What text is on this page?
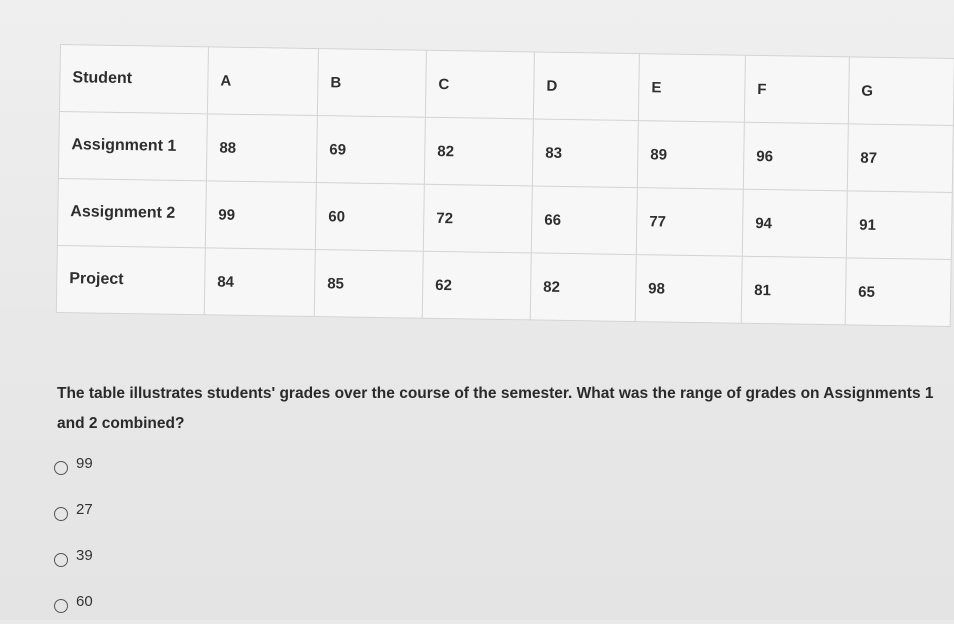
Student	A	B	C	D	E	F	G
Assignment 1	88	69	82	83	89	96	87
Assignment 2	99	60	72	66	77	94	91
Project	84	85	62	82	98	81	65
The table illustrates students' grades over the course of the semester. What was the range of grades on Assignments 1 and 2 combined?
99
27
39
60
